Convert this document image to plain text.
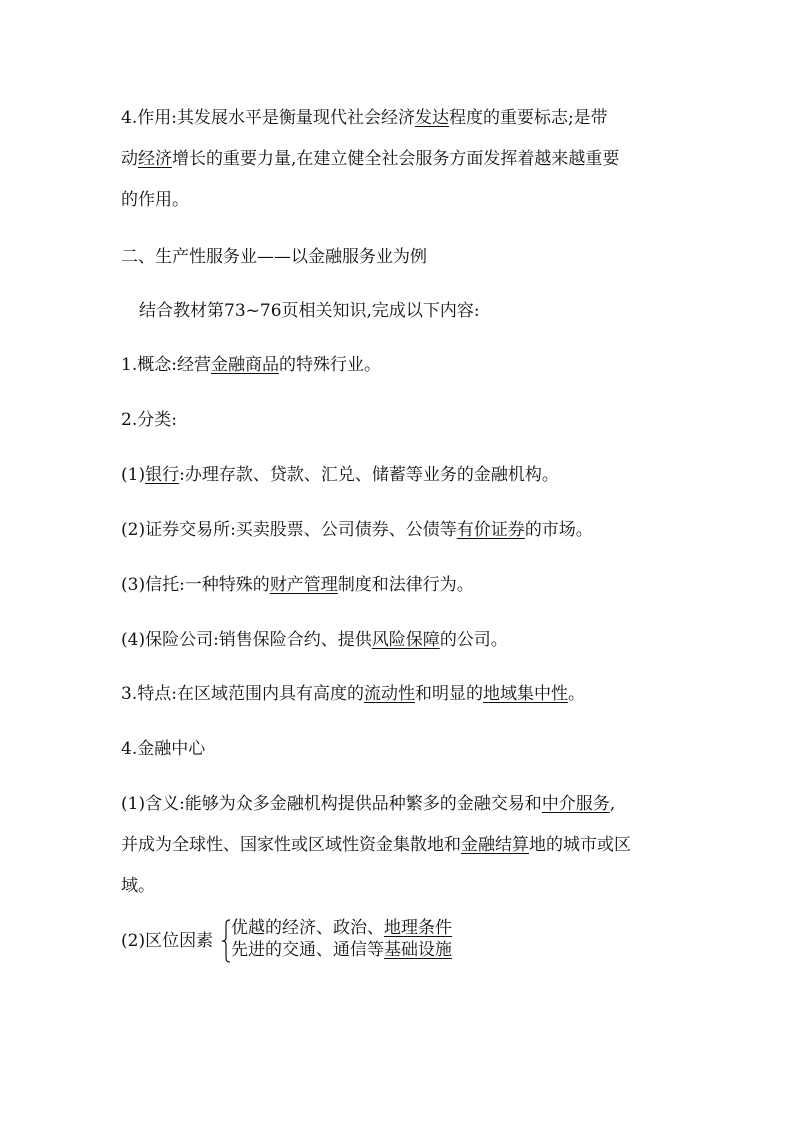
4.作用:其发展水平是衡量现代社会经济发达程度的重要标志;是带
动经济增长的重要力量,在建立健全社会服务方面发挥着越来越重要
的作用。
二、生产性服务业——以金融服务业为例
结合教材第73~76页相关知识,完成以下内容:
1.概念:经营金融商品的特殊行业。
2.分类:
(1)银行:办理存款、贷款、汇兑、储蓄等业务的金融机构。
(2)证券交易所:买卖股票、公司债券、公债等有价证券的市场。
(3)信托:一种特殊的财产管理制度和法律行为。
(4)保险公司:销售保险合约、提供风险保障的公司。
3.特点:在区域范围内具有高度的流动性和明显的地域集中性。
4.金融中心
(1)含义:能够为众多金融机构提供品种繁多的金融交易和中介服务,
并成为全球性、国家性或区域性资金集散地和金融结算地的城市或区
域。
(2)区位因素
优越的经济、政治、地理条件
先进的交通、通信等基础设施
